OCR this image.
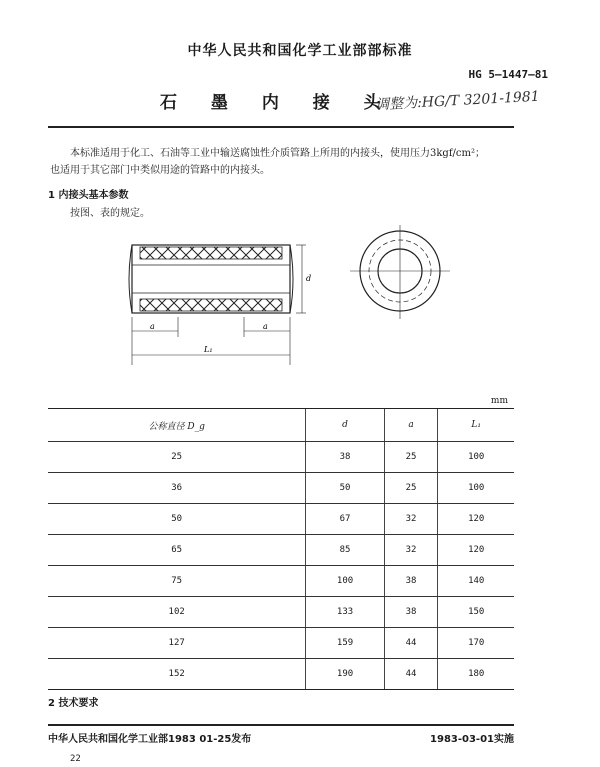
中华人民共和国化学工业部部标准
HG 5—1447—81
石 墨 内 接 头
调整为:HG/T 3201-1981
本标准适用于化工、石油等工业中输送腐蚀性介质管路上所用的内接头，使用压力3kgf/cm²；
也适用于其它部门中类似用途的管路中的内接头。
1 内接头基本参数
按图、表的规定。
d
a	a
L₁
mm
公称直径 D_g	d	a	L₁
25	38	25	100
36	50	25	100
50	67	32	120
65	85	32	120
75	100	38	140
102	133	38	150
127	159	44	170
152	190	44	180
2 技术要求
中华人民共和国化学工业部1983 01-25发布	1983-03-01实施
22
